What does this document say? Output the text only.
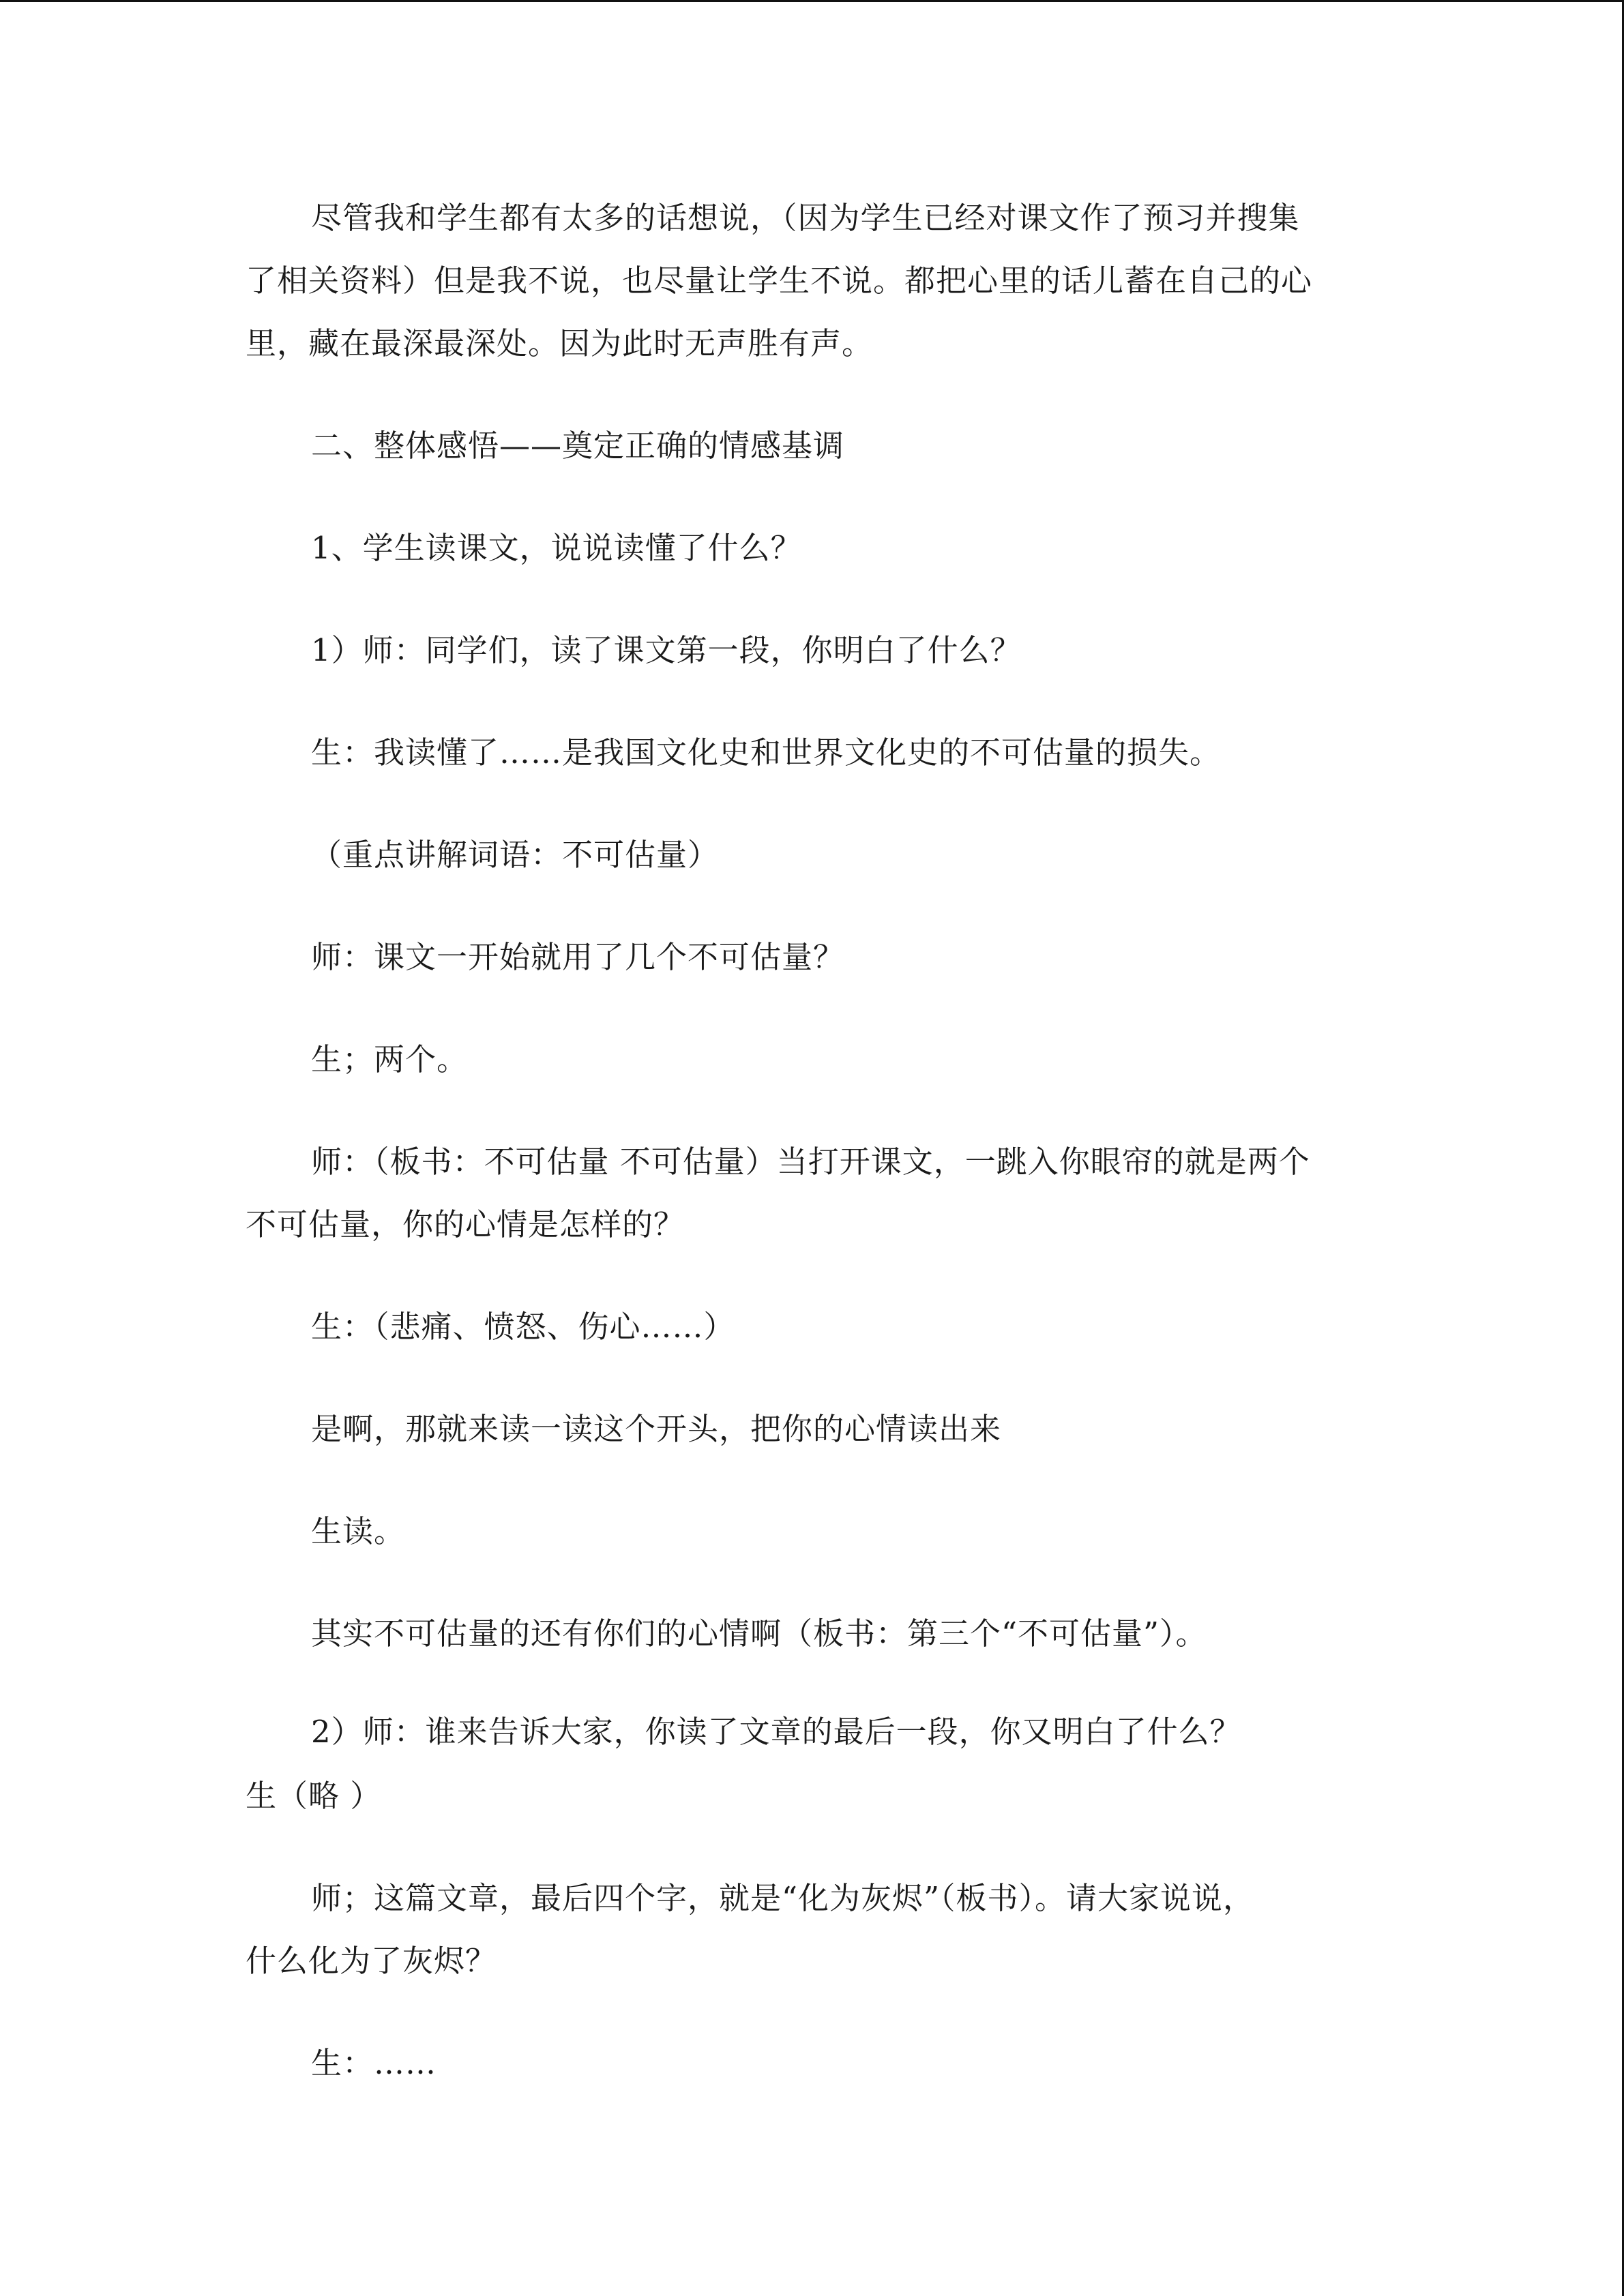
尽管我和学生都有太多的话想说，（因为学生已经对课文作了预习并搜集
了相关资料）但是我不说，也尽量让学生不说。都把心里的话儿蓄在自己的心
里，藏在最深最深处。因为此时无声胜有声。
二、整体感悟——奠定正确的情感基调
1、学生读课文，说说读懂了什么？
1）师：同学们，读了课文第一段，你明白了什么？
生：我读懂了……是我国文化史和世界文化史的不可估量的损失。
（重点讲解词语：不可估量）
师：课文一开始就用了几个不可估量？
生；两个。
师：（板书：不可估量 不可估量）当打开课文，一跳入你眼帘的就是两个
不可估量，你的心情是怎样的？
生：（悲痛、愤怒、伤心……）
是啊，那就来读一读这个开头，把你的心情读出来
生读。
其实不可估量的还有你们的心情啊（板书：第三个“不可估量”）。
2）师：谁来告诉大家，你读了文章的最后一段，你又明白了什么？
生（略 ）
师；这篇文章，最后四个字，就是“化为灰烬”（板书）。请大家说说，
什么化为了灰烬？
生：……
